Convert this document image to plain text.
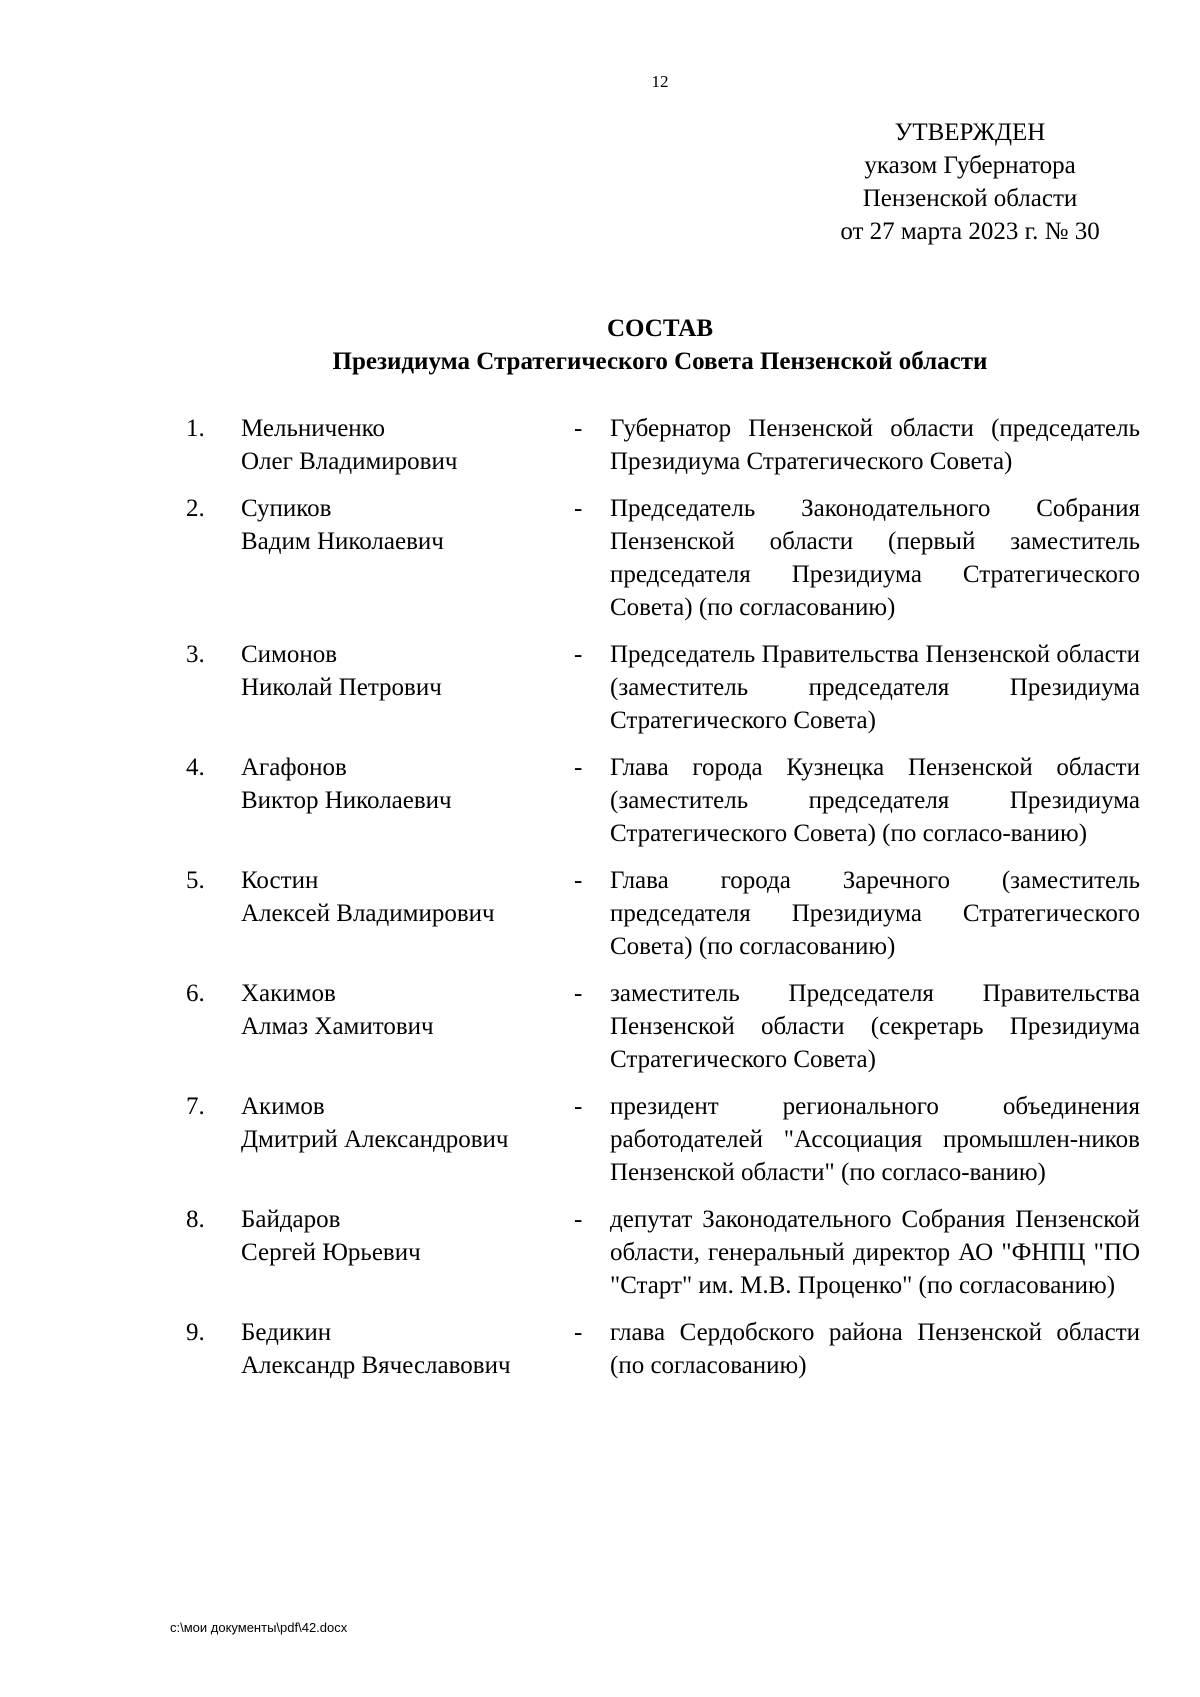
12
УТВЕРЖДЕН
указом Губернатора
Пензенской области
от 27 марта 2023 г. № 30
СОСТАВ
Президиума Стратегического Совета Пензенской области
1. Мельниченко
Олег Владимирович
- Губернатор Пензенской области (председатель Президиума Стратегического Совета)
2. Супиков
Вадим Николаевич
- Председатель Законодательного Собрания Пензенской области (первый заместитель председателя Президиума Стратегического Совета) (по согласованию)
3. Симонов
Николай Петрович
- Председатель Правительства Пензенской области (заместитель председателя Президиума Стратегического Совета)
4. Агафонов
Виктор Николаевич
- Глава города Кузнецка Пензенской области (заместитель председателя Президиума Стратегического Совета) (по согласо-ванию)
5. Костин
Алексей Владимирович
- Глава города Заречного (заместитель председателя Президиума Стратегического Совета) (по согласованию)
6. Хакимов
Алмаз Хамитович
- заместитель Председателя Правительства Пензенской области (секретарь Президиума Стратегического Совета)
7. Акимов
Дмитрий Александрович
- президент регионального объединения работодателей "Ассоциация промышлен-ников Пензенской области" (по согласо-ванию)
8. Байдаров
Сергей Юрьевич
- депутат Законодательного Собрания Пензенской области, генеральный директор АО "ФНПЦ "ПО "Старт" им. М.В. Проценко" (по согласованию)
9. Бедикин
Александр Вячеславович
- глава Сердобского района Пензенской области (по согласованию)
c:\мои документы\pdf\42.docx
